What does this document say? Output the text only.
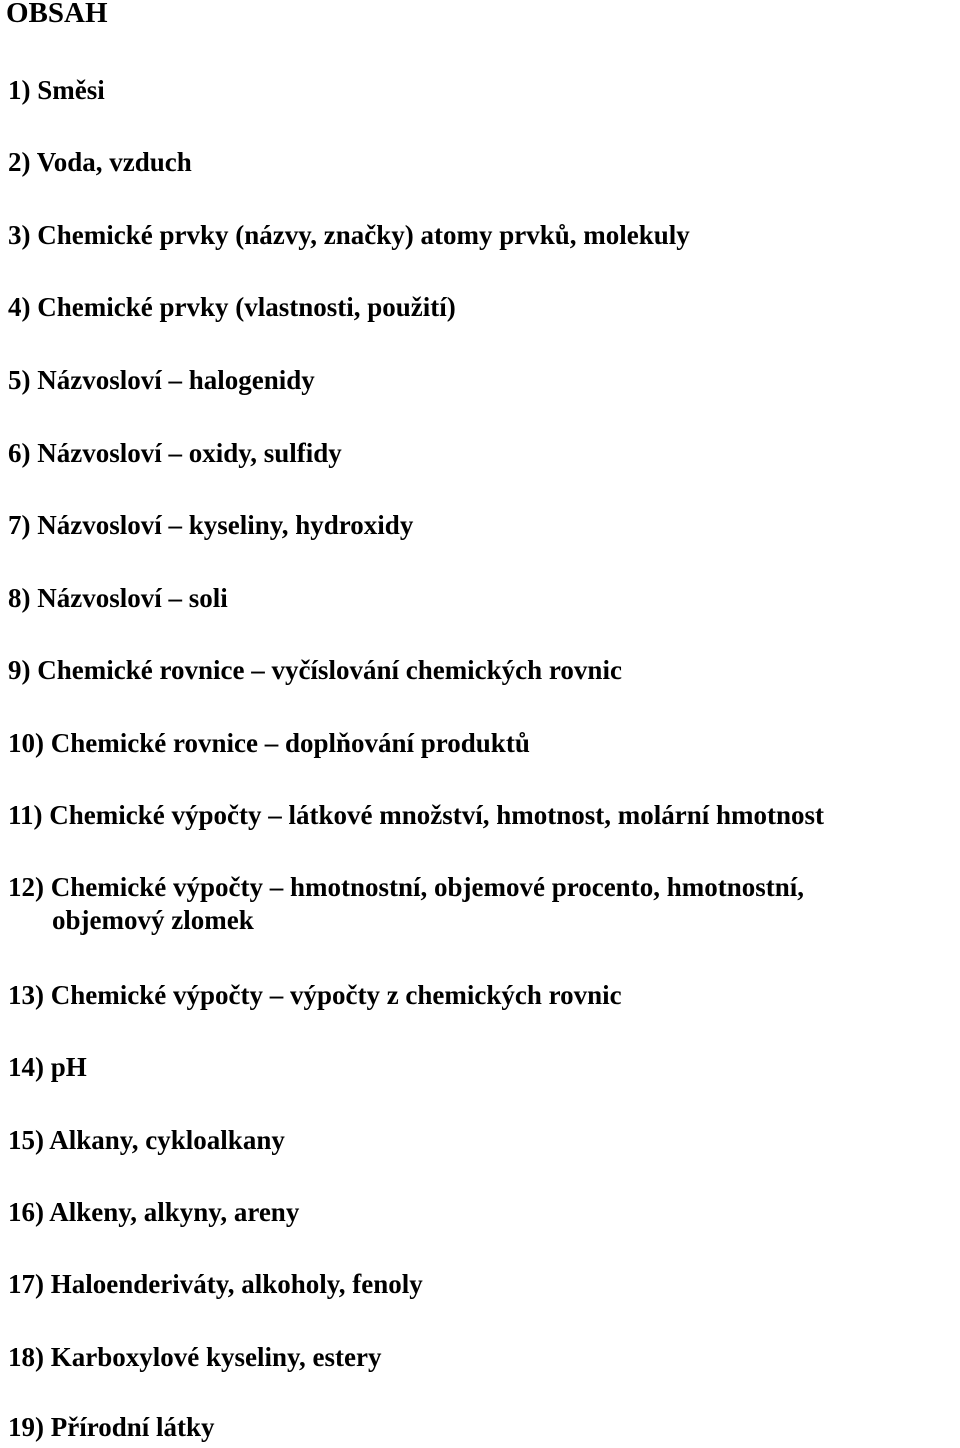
OBSAH
1) Směsi
2) Voda, vzduch
3) Chemické prvky (názvy, značky) atomy prvků, molekuly
4) Chemické prvky (vlastnosti, použití)
5) Názvosloví – halogenidy
6) Názvosloví – oxidy, sulfidy
7) Názvosloví – kyseliny, hydroxidy
8) Názvosloví – soli
9) Chemické rovnice – vyčíslování chemických rovnic
10) Chemické rovnice – doplňování produktů
11) Chemické výpočty – látkové množství, hmotnost, molární hmotnost
12) Chemické výpočty – hmotnostní, objemové procento, hmotnostní,
objemový zlomek
13) Chemické výpočty – výpočty z chemických rovnic
14) pH
15) Alkany, cykloalkany
16) Alkeny, alkyny, areny
17) Haloenderiváty, alkoholy, fenoly
18) Karboxylové kyseliny, estery
19) Přírodní látky
